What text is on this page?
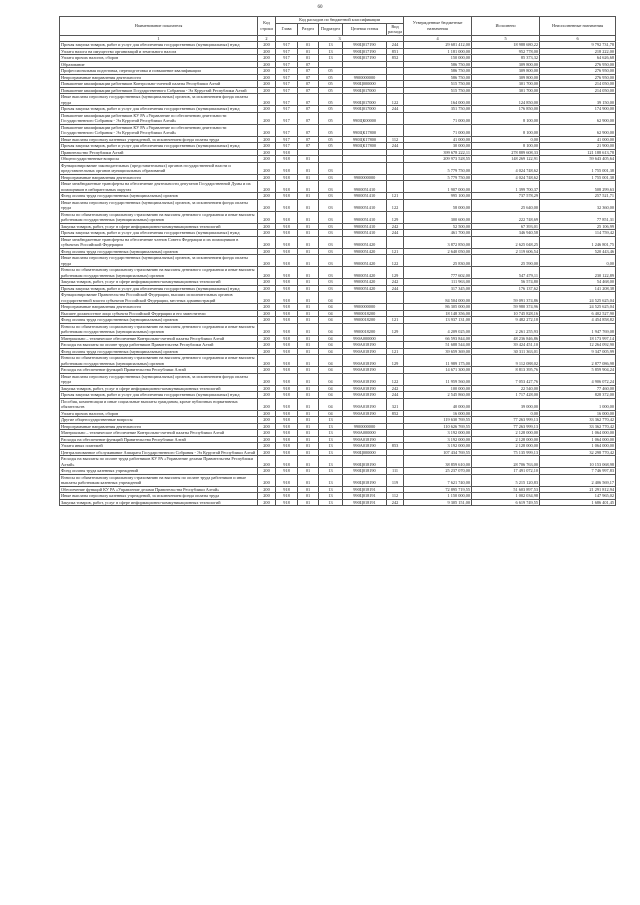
60
Наименование показателя	Код строки	Код расходов по бюджетной классификации					Утвержденные бюджетные назначения	Исполнено	Неисполненные назначения
		Глава	Раздел	Подраздел	Целевая статья	Вид расхода			
1	2	3					4	5	6
Прочая закупка товаров, работ и услуг для обеспечения государственных (муниципальных) нужд	200	917	01	13	990Ц017190	244	29 681 412,00	18 988 680,22	9 792 731,78
Уплата налога на имущество организаций и земельного налога	200	917	01	13	990Ц017190	851	1 181 000,00	952 778,00	218 222,00
Уплата прочих налогов, сборов	200	917	01	13	990Ц017190	852	150 000,00	85 373,32	64 626,68
Образование	200	917	07				586 750,00	309 800,00	276 950,00
Профессиональная подготовка, переподготовка и повышение квалификации	200	917	07	05			586 750,00	309 800,00	276 950,00
Непрограммные направления деятельности	200	917	07	05	9900000000		586 750,00	309 800,00	276 950,00
Повышение квалификации работников Контрольно-счетной палаты Республики Алтай	200	917	07	05	990Ц000000		515 750,00	301 700,00	214 050,00
Повышение квалификации работников Государственного Собрания - Эл Курултай Республики Алтай	200	917	07	05	990Ц017000		515 750,00	301 700,00	214 050,00
Иные выплаты персоналу государственных (муниципальных) органов, за исключением фонда оплаты труда	200	917	07	05	990Ц017000	122	164 000,00	124 850,00	39 150,00
Прочая закупка товаров, работ и услуг для обеспечения государственных (муниципальных) нужд	200	917	07	05	990Ц017000	244	351 750,00	176 850,00	174 900,00
Повышение квалификации работников КУ РА «Управление по обеспечению деятельности Государственного Собрания - Эл Курултай Республики Алтай»	200	917	07	05	990ЦК00000		71 000,00	8 100,00	62 900,00
Повышение квалификации работников КУ РА «Управление по обеспечению деятельности Государственного Собрания - Эл Курултай Республики Алтай»	200	917	07	05	990ЦК17800		71 000,00	8 100,00	62 900,00
Иные выплаты персоналу казенных учреждений, за исключением фонда оплаты труда	200	917	07	05	990ЦК17800	112	41 000,00	0,00	41 000,00
Прочая закупка товаров, работ и услуг для обеспечения государственных (муниципальных) нужд	200	917	07	05	990ЦК17800	244	30 000,00	8 100,00	21 900,00
Правительство Республики Алтай	200	918					399 678 222,11	278 889 608,33	121 188 613,78
Общегосударственные вопросы	200	918	01				209 973 528,55	148 269 122,91	59 643 405,64
Функционирование законодательных (представительных) органов государственной власти и представительных органов муниципальных образований	200	918	01	03			5 779 750,00	4 024 748,62	1 755 001,38
Непрограммные направления деятельности	200	918	01	03	9900000000		5 779 750,00	4 024 748,62	1 755 001,38
Иные межбюджетные трансферты на обеспечение деятельности депутатов Государственной Думы и их помощников в избирательных округах	200	918	01	03	9900051410		1 907 000,00	1 399 700,37	508 299,63
Фонд оплаты труда государственных (муниципальных) органов	200	918	01	03	9900051410	121	995 100,00	737 578,29	257 521,71
Иные выплаты персоналу государственных (муниципальных) органов, за исключением фонда оплаты труда	200	918	01	03	9900051410	122	58 000,00	25 640,00	32 360,00
Взносы по обязательному социальному страхованию на выплаты денежного содержания и иные выплаты работникам государственных (муниципальных) органов	200	918	01	03	9900051410	129	300 600,00	222 748,69	77 851,31
Закупка товаров, работ, услуг в сфере информационно-коммуникационных технологий	200	918	01	03	9900051410	242	52 500,00	67 393,01	25 106,99
Прочая закупка товаров, работ и услуг для обеспечения государственных (муниципальных) нужд	200	918	01	03	9900051410	244	461 700,00	346 940,58	114 759,42
Иные межбюджетные трансферты на обеспечение членов Совета Федерации и их помощников в субъектах Российской Федерации	200	918	01	03	9900051420		3 872 850,00	2 625 048,25	1 246 801,75
Фонд оплаты труда государственных (муниципальных) органов	200	918	01	03	9900051420	121	2 640 050,00	2 119 606,54	520 443,46
Иные выплаты персоналу государственных (муниципальных) органов, за исключением фонда оплаты труда	200	918	01	03	9900051420	122	25 830,00	25 590,00	0,00
Взносы по обязательному социальному страхованию на выплаты денежного содержания и иные выплаты работникам государственных (муниципальных) органов	200	918	01	03	9900051420	129	777 602,00	547 479,11	230 122,89
Закупка товаров, работ, услуг в сфере информационно-коммуникационных технологий	200	918	01	03	9900051420	242	111 963,00	56 574,80	54 468,00
Прочая закупка товаров, работ и услуг для обеспечения государственных (муниципальных) нужд	200	918	01	03	9900051420	244	317 345,00	176 137,62	141 208,38
Функционирование Правительства Российской Федерации, высших исполнительных органов государственной власти субъектов Российской Федерации, местных администраций	200	918	01	04			84 504 000,00	59 091 374,86	24 525 625,04
Непрограммные направления деятельности	200	918	01	04	9900000000		86 305 000,00	59 980 374,96	24 525 625,04
Высшее должностное лицо субъекта Российской Федерации и его заместители	200	918	01	04	9900018200		18 148 356,00	10 745 828,16	6 402 527,90
Фонд оплаты труда государственных (муниципальных) органов	200	918	01	04	9900018200	121	13 937 131,00	9 482 272,18	4 454 858,82
Взносы по обязательному социальному страхованию на выплаты денежного содержания и иные выплаты работникам государственных (муниципальных) органов	200	918	01	04	9900018200	129	4 209 025,00	2 261 255,93	1 947 769,08
Материально – техническое обеспечение Контрольно-счетной палаты Республики Алтай	200	918	01	04	990А000000		66 593 844,00	48 236 846,86	18 173 997,14
Расходы на выплаты по оплате труда работников Правительства Республики Алтай	200	918	01	04	990А018190		51 688 544,00	39 424 451,10	12 264 092,90
Фонд оплаты труда государственных (муниципальных) органов	200	918	01	04	990А018190	121	39 659 369,00	30 311 363,01	9 347 005,99
Взносы по обязательному социальному страхованию на выплаты денежного содержания и иные выплаты работникам государственных (муниципальных) органов	200	918	01	04	990А018190	129	11 989 175,00	9 112 088,02	2 877 086,98
Расходы на обеспечение функций Правительства Республики Алтай	200	918	01	04	990А018190		14 671 300,00	8 813 395,76	5 859 904,24
Иные выплаты персоналу государственных (муниципальных) органов, за исключением фонда оплаты труда	200	918	01	04	990А018190	122	11 959 560,00	7 053 427,76	4 906 072,24
Закупка товаров, работ, услуг в сфере информационно-коммуникационных технологий	200	918	01	04	990А018190	242	100 000,00	22 540,00	77 460,00
Прочая закупка товаров, работ и услуг для обеспечения государственных (муниципальных) нужд	200	918	01	04	990А018190	244	2 545 860,00	1 717 428,00	828 372,00
Пособия, компенсации и иные социальные выплаты гражданам, кроме публичных нормативных обязательств	200	918	01	04	990А018190	321	40 000,00	39 000,00	1 000,00
Уплата прочих налогов, сборов	200	918	01	04	990А018190	852	16 000,00	0,00	16 000,00
Другие общегосударственные вопросы	200	918	01	13			119 630 769,55	77 263 999,13	33 362 770,42
Непрограммные направления деятельности	200	918	01	13	9900000000		110 626 769,55	77 263 999,13	33 362 770,42
Материально – техническое обеспечение Контрольно-счетной палаты Республики Алтай	200	918	01	13	990А000000		3 192 000,00	2 128 000,00	1 064 000,00
Расходы на обеспечение функций Правительства Республики Алтай	200	918	01	13	990А018190		3 192 000,00	2 128 000,00	1 064 000,00
Уплата иных платежей	200	918	01	13	990А018190	853	3 192 000,00	2 128 000,00	1 064 000,00
Централизованное обслуживание Аппарата Государственного Собрания - Эл Курултай Республики Алтай	200	918	01	13	990Ц000000		107 434 769,55	75 135 999,13	32 298 770,42
Расходы на выплаты по оплате труда работников КУ РА «Управление делами Правительства Республики Алтай»	200	918	01	13	990Ц018190		38 859 610,00	28 706 763,00	10 153 068,98
Фонд оплаты труда казенных учреждений	200	918	01	13	990Ц018190	111	25 237 070,00	17 491 072,10	7 746 997,83
Взносы по обязательному социальному страхованию на выплаты по оплате труда работников и иные выплаты работникам казенных учреждений	200	918	01	13	990Ц018190	119	7 621 740,00	5 215 120,83	2 406 569,17
Обеспечение функций КУ РА «Управление делами Правительства Республики Алтай»	200	918	01	13	990Ц018191		72 895 719,55	51 603 897,53	21 291 812,94
Иные выплаты персоналу казенных учреждений, за исключением фонда оплаты труда	200	918	01	13	990Ц018191	112	1 150 000,00	1 002 034,98	147 965,02
Закупка товаров, работ, услуг в сфере информационно-коммуникационных технологий	200	918	01	13	990Ц018191	242	9 305 151,00	6 619 749,55	1 686 401,45
